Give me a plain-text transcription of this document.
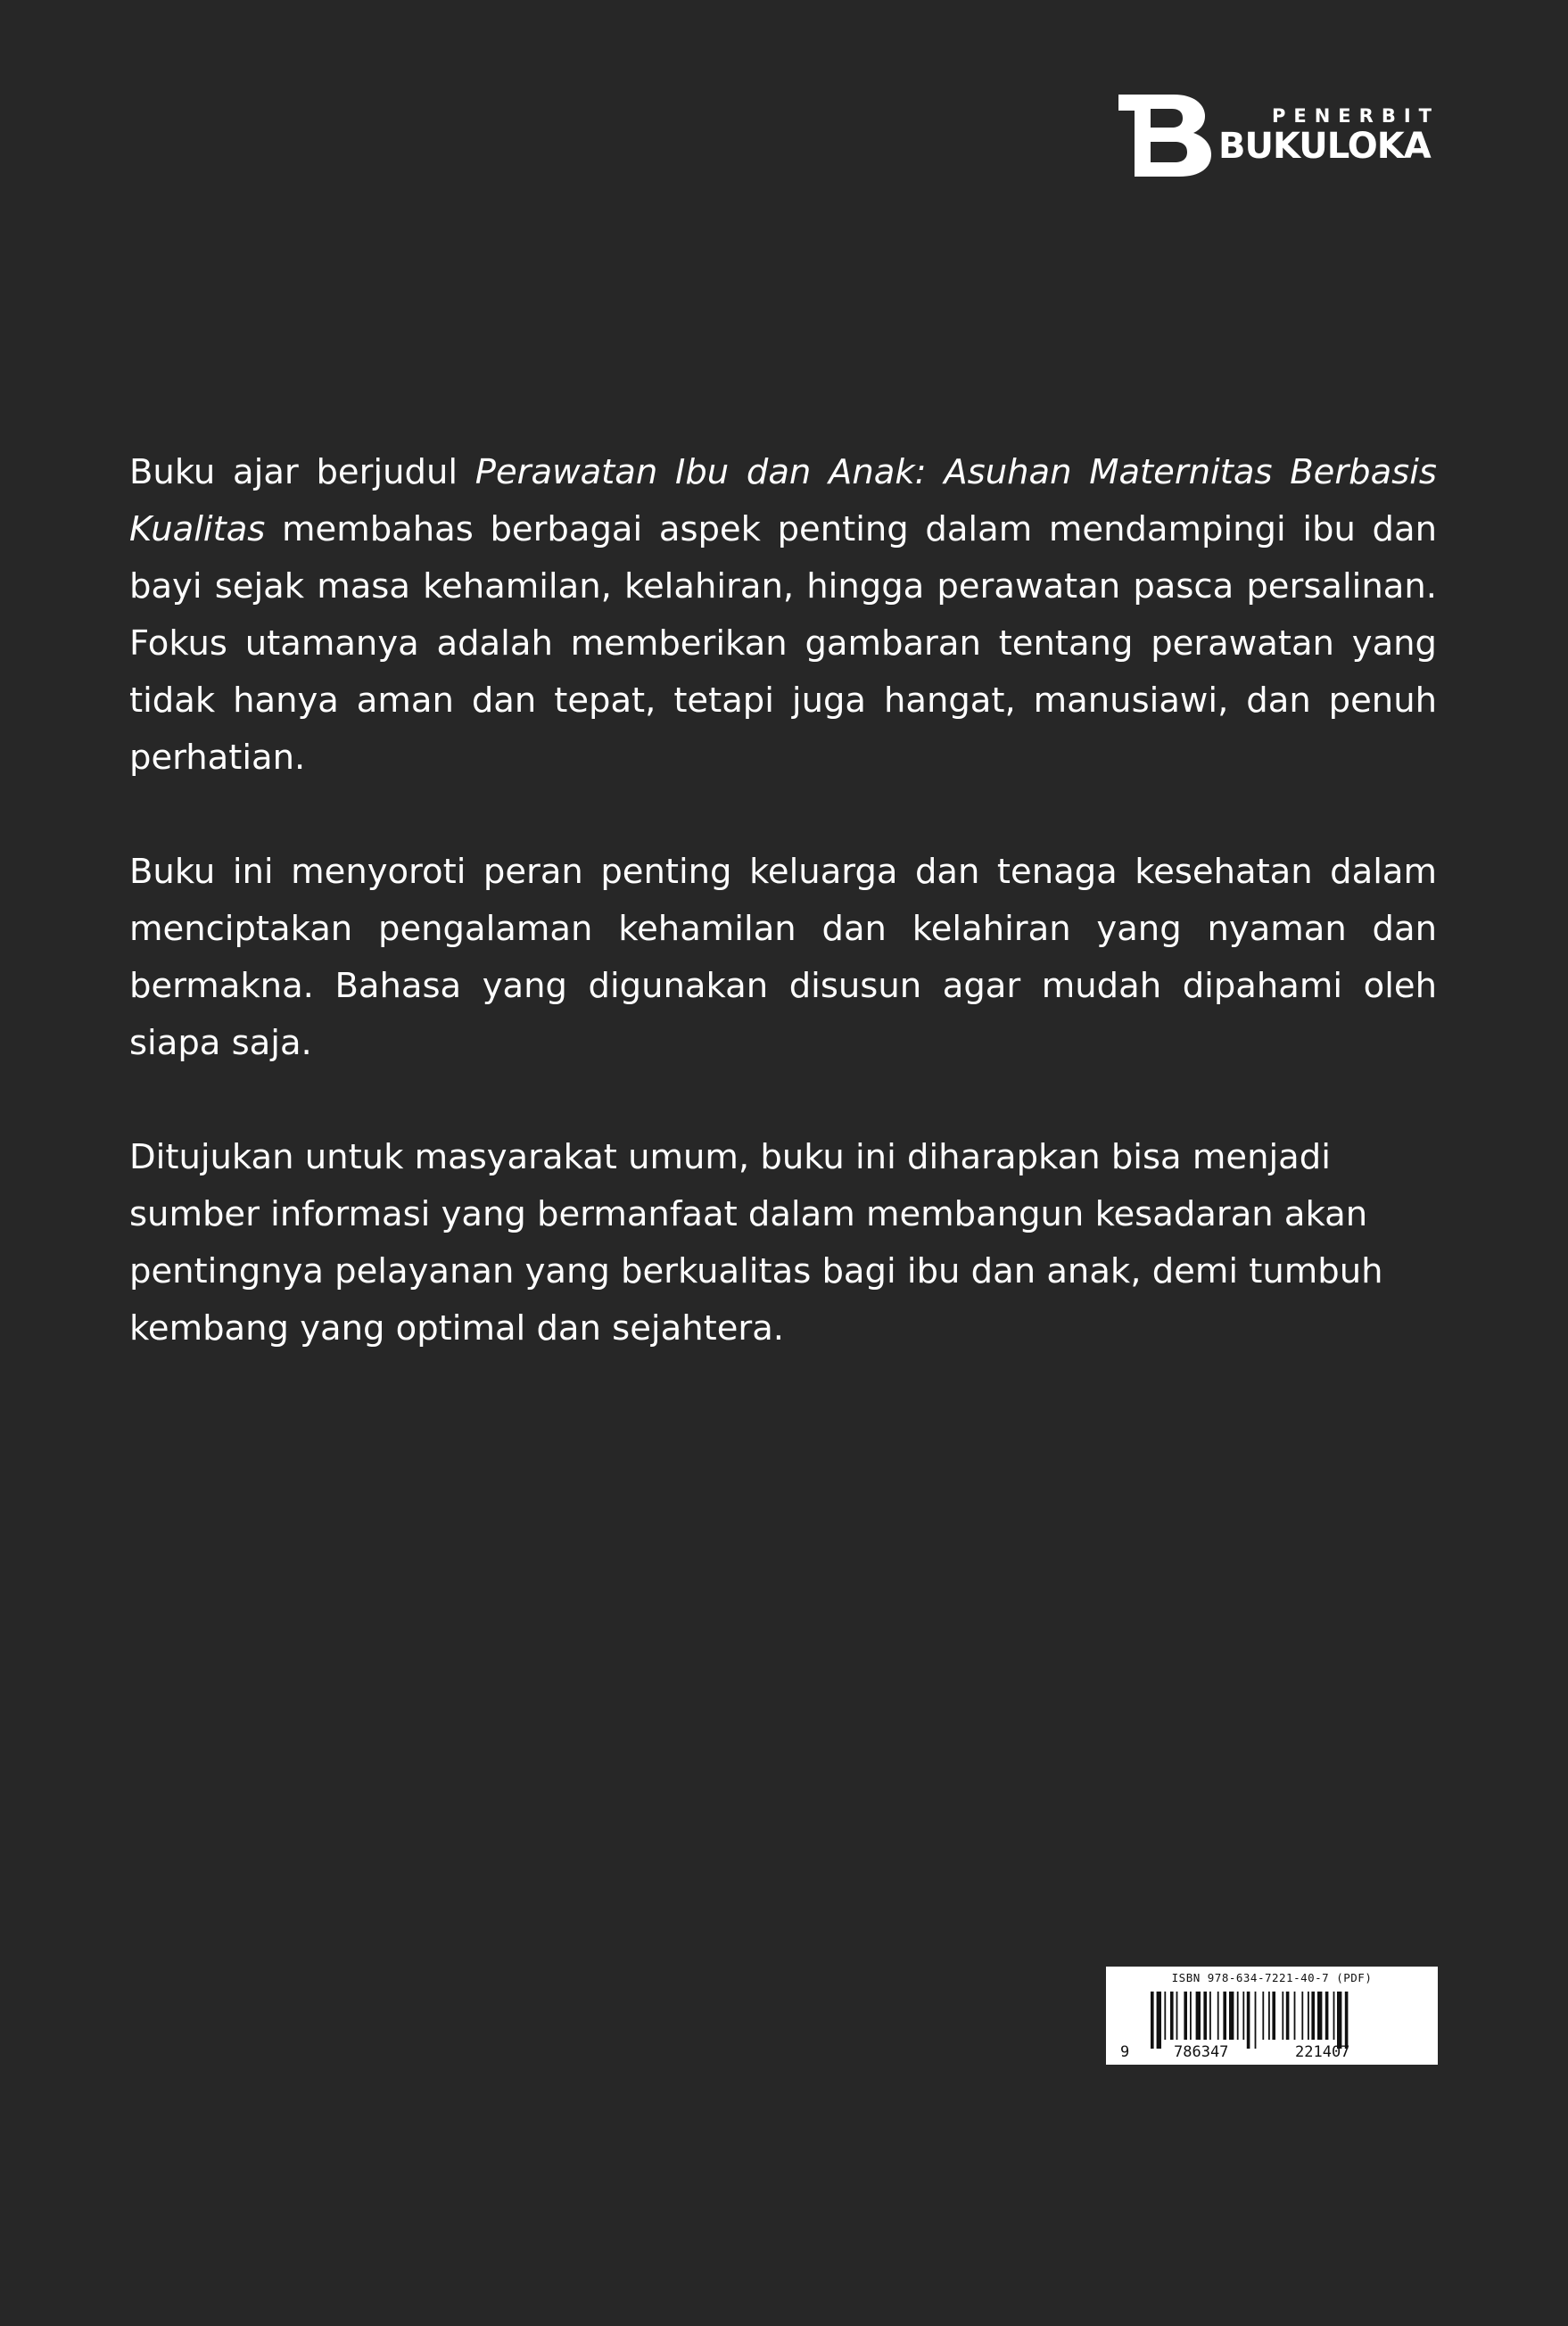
PENERBIT
BUKULOKA

Buku ajar berjudul Perawatan Ibu dan Anak: Asuhan Maternitas Berbasis Kualitas membahas berbagai aspek penting dalam mendampingi ibu dan bayi sejak masa kehamilan, kelahiran, hingga perawatan pasca persalinan. Fokus utamanya adalah memberikan gambaran tentang perawatan yang tidak hanya aman dan tepat, tetapi juga hangat, manusiawi, dan penuh perhatian.

Buku ini menyoroti peran penting keluarga dan tenaga kesehatan dalam menciptakan pengalaman kehamilan dan kelahiran yang nyaman dan bermakna. Bahasa yang digunakan disusun agar mudah dipahami oleh siapa saja.

Ditujukan untuk masyarakat umum, buku ini diharapkan bisa menjadi sumber informasi yang bermanfaat dalam membangun kesadaran akan pentingnya pelayanan yang berkualitas bagi ibu dan anak, demi tumbuh kembang yang optimal dan sejahtera.

ISBN 978-634-7221-40-7 (PDF)
9	786347	221407
